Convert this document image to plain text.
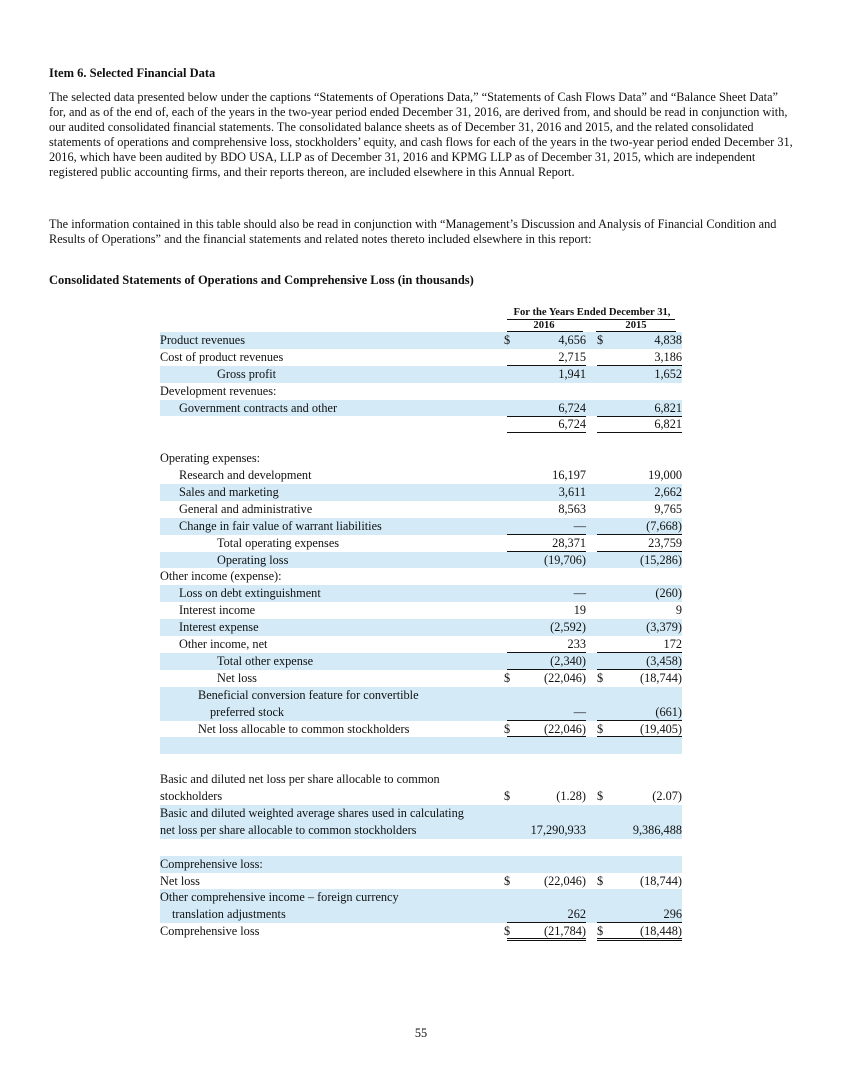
Item 6. Selected Financial Data

The selected data presented below under the captions “Statements of Operations Data,” “Statements of Cash Flows Data” and “Balance Sheet Data” for, and as of the end of, each of the years in the two-year period ended December 31, 2016, are derived from, and should be read in conjunction with, our audited consolidated financial statements. The consolidated balance sheets as of December 31, 2016 and 2015, and the related consolidated statements of operations and comprehensive loss, stockholders’ equity, and cash flows for each of the years in the two-year period ended December 31, 2016, which have been audited by BDO USA, LLP as of December 31, 2016 and KPMG LLP as of December 31, 2015, which are independent registered public accounting firms, and their reports thereon, are included elsewhere in this Annual Report.

The information contained in this table should also be read in conjunction with “Management’s Discussion and Analysis of Financial Condition and Results of Operations” and the financial statements and related notes thereto included elsewhere in this report:

Consolidated Statements of Operations and Comprehensive Loss (in thousands)
For the Years Ended December 31,
2016	2015
Product revenues	$	4,656 $	4,838
Cost of product revenues	2,715	3,186
Gross profit	1,941	1,652
Development revenues:
Government contracts and other	6,724	6,821
6,724	6,821
Operating expenses:
Research and development	16,197	19,000
Sales and marketing	3,611	2,662
General and administrative	8,563	9,765
Change in fair value of warrant liabilities	—	(7,668)
Total operating expenses	28,371	23,759
Operating loss	(19,706)	(15,286)
Other income (expense):
Loss on debt extinguishment	—	(260)
Interest income	19	9
Interest expense	(2,592)	(3,379)
Other income, net	233	172
Total other expense	(2,340)	(3,458)
Net loss	$	(22,046) $	(18,744)
Beneficial conversion feature for convertible
preferred stock	—	(661)
Net loss allocable to common stockholders	$	(22,046) $	(19,405)
Basic and diluted net loss per share allocable to common
stockholders	$	(1.28) $	(2.07)
Basic and diluted weighted average shares used in calculating
net loss per share allocable to common stockholders	17,290,933	9,386,488
Comprehensive loss:
Net loss	$	(22,046) $	(18,744)
Other comprehensive income – foreign currency
translation adjustments	262	296
Comprehensive loss	$	(21,784) $	(18,448)
55
